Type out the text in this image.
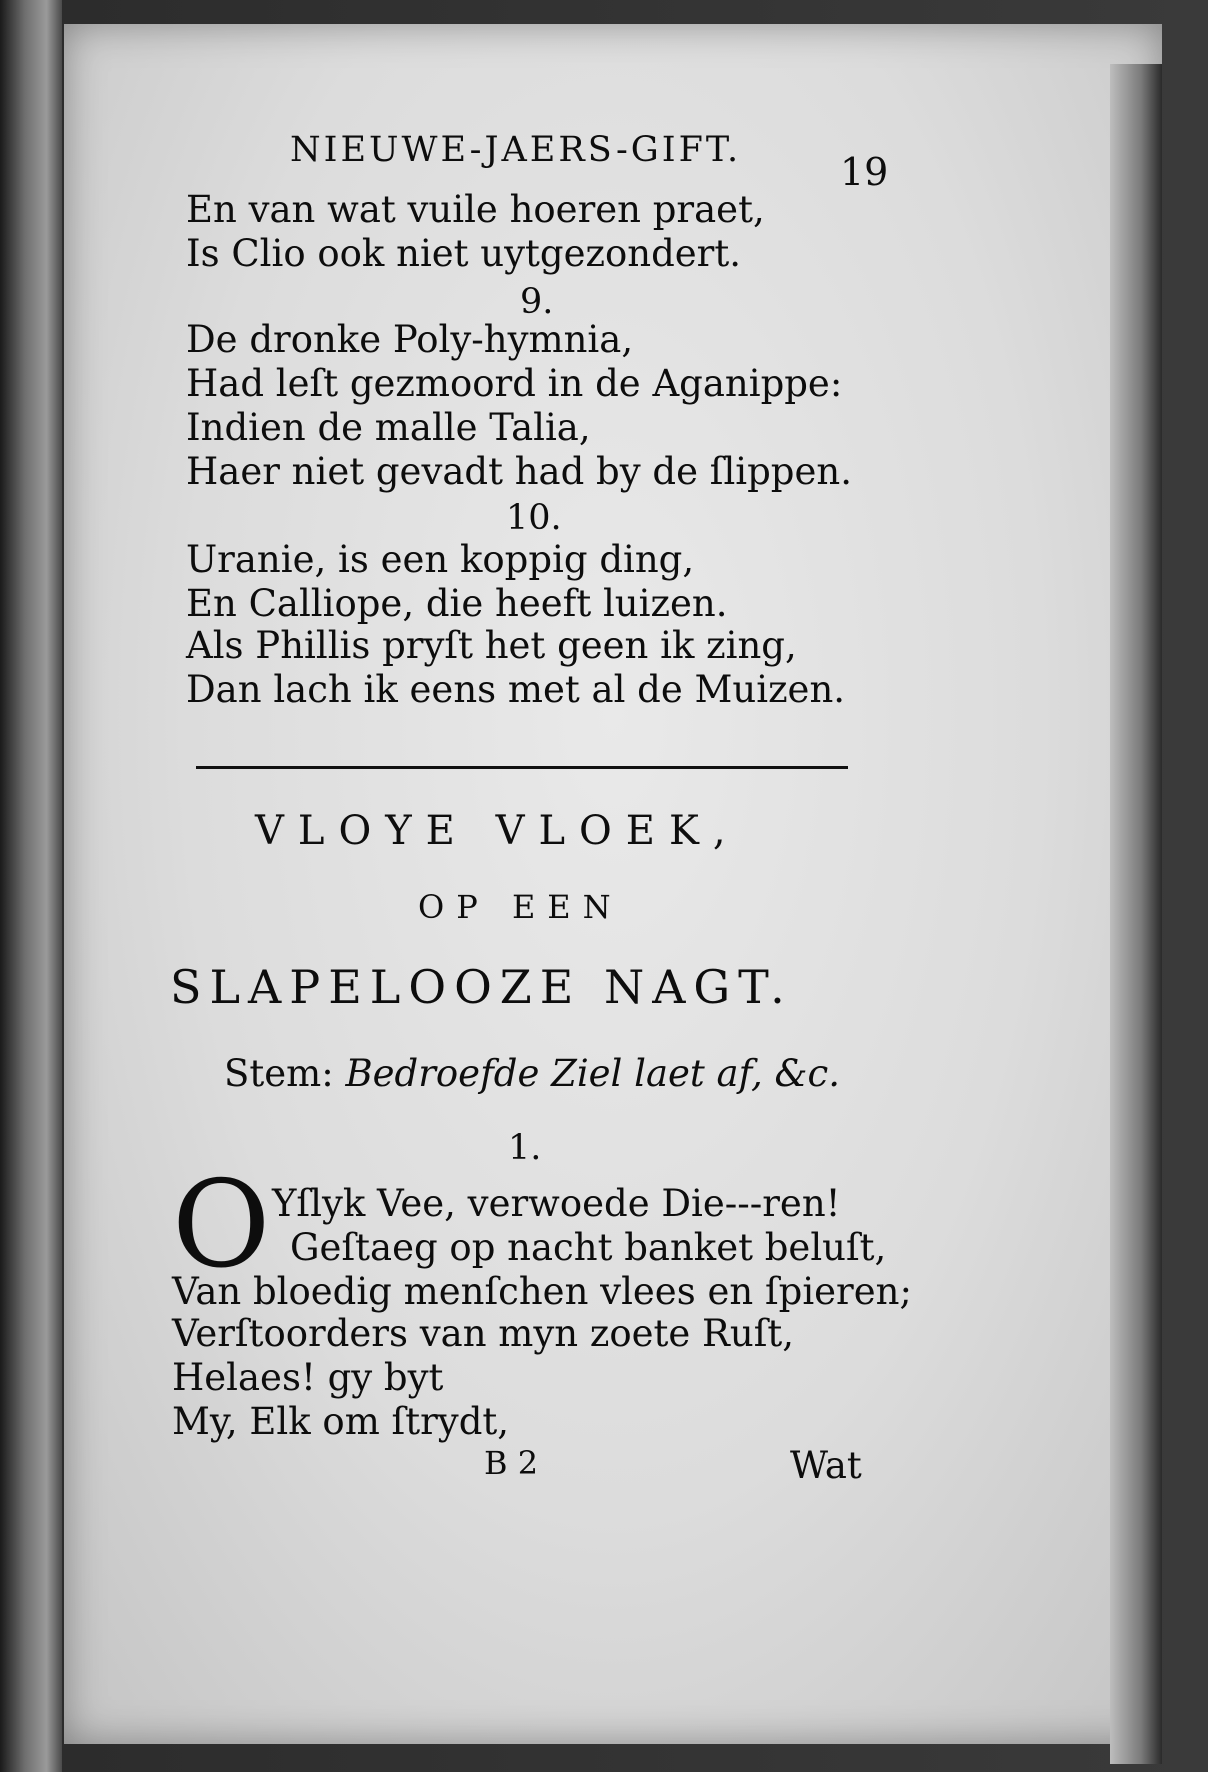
NIEUWE-JAERS-GIFT.	19
En van wat vuile hoeren praet,
Is Clio ook niet uytgezondert.
9.
De dronke Poly-hymnia,
Had leſt gezmoord in de Aganippe:
Indien de malle Talia,
Haer niet gevadt had by de ſlippen.
10.
Uranie, is een koppig ding,
En Calliope, die heeft luizen.
Als Phillis pryſt het geen ik zing,
Dan lach ik eens met al de Muizen.
VLOYE VLOEK,
OP EEN
SLAPELOOZE NAGT.
Stem: Bedroefde Ziel laet af, &c.
1.
O Yſlyk Vee, verwoede Die---ren!
Geſtaeg op nacht banket beluſt,
Van bloedig menſchen vlees en ſpieren;
Verſtoorders van myn zoete Ruſt,
Helaes! gy byt
My, Elk om ſtrydt,
B 2	Wat
